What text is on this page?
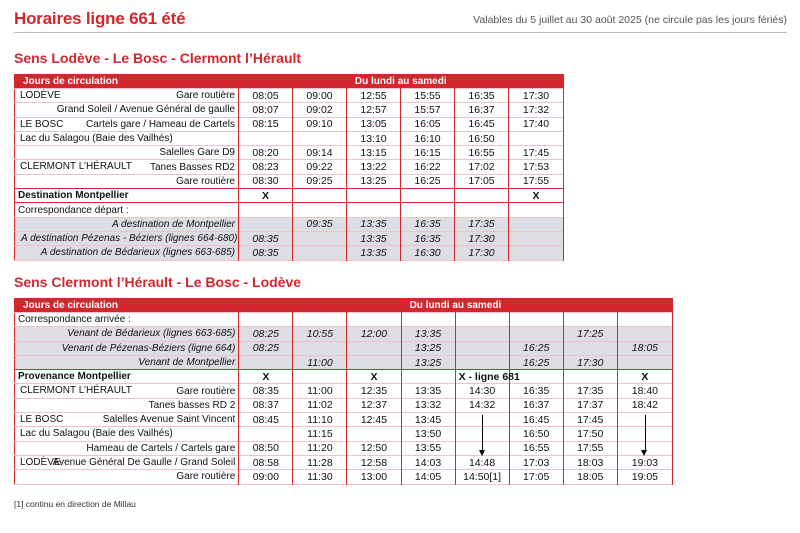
Horaires ligne 661 été	Valables du 5 juillet au 30 août 2025 (ne circule pas les jours fériés)
Sens Lodève - Le Bosc - Clermont l’Hérault
Jours de circulation	Du lundi au samedi					

LODÈVE Gare routière	08:05	09:00	12:55	15:55	16:35	17:30

Grand Soleil / Avenue Général de gaulle	08:07	09:02	12:57	15:57	16:37	17:32

LE BOSC Cartels gare / Hameau de Cartels	08:15	09:10	13:05	16:05	16:45	17:40

Lac du Salagou (Baie des Vailhés)			13:10	16:10	16:50	

Salelles Gare D9	08:20	09:14	13:15	16:15	16:55	17:45

CLERMONT L’HÉRAULT Tanes Basses RD2	08:23	09:22	13:22	16:22	17:02	17:53

Gare routière	08:30	09:25	13:25	16:25	17:05	17:55
Destination Montpellier	X					X
Correspondance départ :						

A destination de Montpellier		09:35	13:35	16:35	17:35	

A destination Pézenas - Béziers (lignes 664-680)	08:35		13:35	16:35	17:30	

A destination de Bédarieux (lignes 663-685)	08:35		13:35	16:30	17:30	
Sens Clermont l’Hérault - Le Bosc - Lodève
Jours de circulation	Du lundi au samedi							
Correspondance arrivée :								

Venant de Bédarieux (lignes 663-685)	08:25	10:55	12:00	13:35			17:25	

Venant de Pézenas-Béziers (ligne 664)	08:25			13:25		16:25		18:05

Venant de Montpellier		11:00		13:25		16:25	17:30	
Provenance Montpellier	X		X		X - ligne 681			X

CLERMONT L’HÉRAULT Gare routière	08:35	11:00	12:35	13:35	14:30	16:35	17:35	18:40

Tanes basses RD 2	08:37	11:02	12:37	13:32	14:32	16:37	17:37	18:42

LE BOSC Salelles Avenue Saint Vincent	08:45	11:10	12:45	13:45		16:45	17:45	

Lac du Salagou (Baie des Vailhés)		11:15		13:50		16:50	17:50	

Hameau de Cartels / Cartels gare	08:50	11:20	12:50	13:55		16:55	17:55	

LODÈVE
Avenue Général De Gaulle / Grand Soleil	08:58	11:28	12:58	14:03	14:48	17:03	18:03	19:03

Gare routière	09:00	11:30	13:00	14:05	14:50[1]	17:05	18:05	19:05
[1] continu en direction de Millau
